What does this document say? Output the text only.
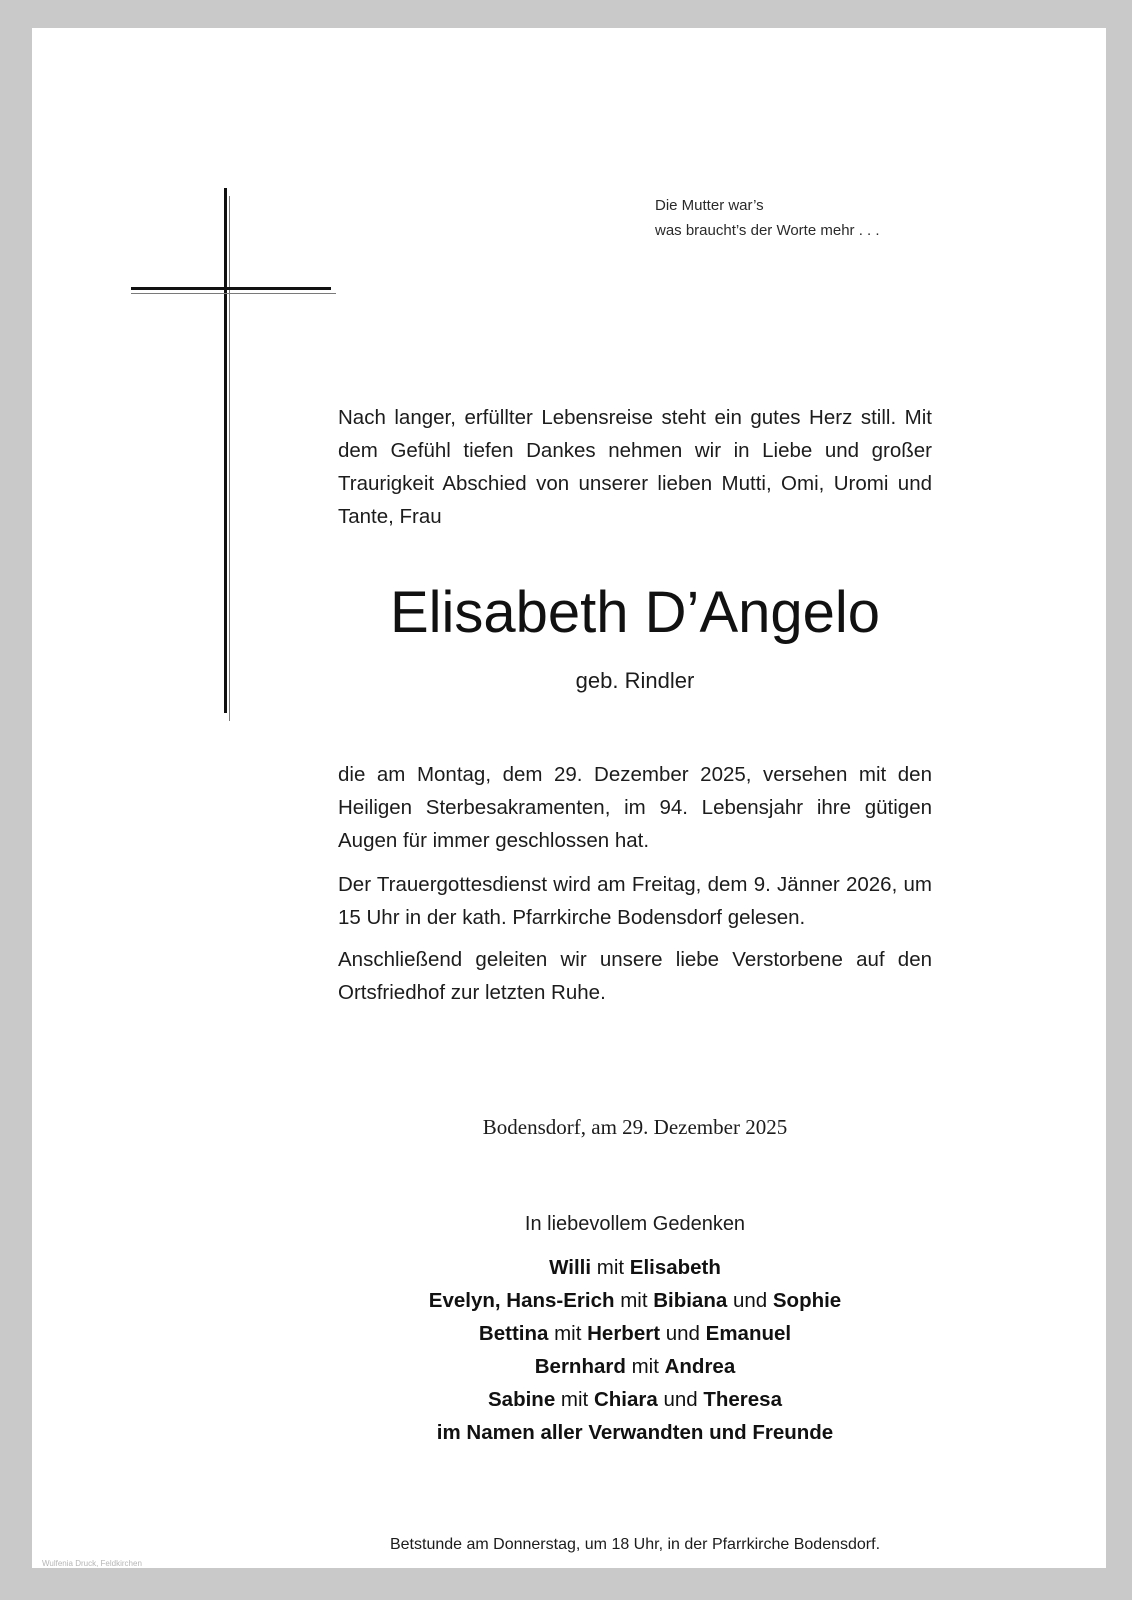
Die Mutter war’s
was braucht’s der Worte mehr . . .
Nach langer, erfüllter Lebensreise steht ein gutes Herz still. Mit dem Gefühl tiefen Dankes nehmen wir in Liebe und großer Traurigkeit Abschied von unserer lieben Mutti, Omi, Uromi und Tante, Frau
Elisabeth D’Angelo
geb. Rindler
die am Montag, dem 29. Dezember 2025, versehen mit den Heiligen Sterbesakramenten, im 94. Lebensjahr ihre gütigen Augen für immer geschlossen hat.
Der Trauergottesdienst wird am Freitag, dem 9. Jänner 2026, um 15 Uhr in der kath. Pfarrkirche Bodensdorf gelesen.
Anschließend geleiten wir unsere liebe Verstorbene auf den Ortsfriedhof zur letzten Ruhe.
Bodensdorf, am 29. Dezember 2025
In liebevollem Gedenken
Willi mit Elisabeth
Evelyn, Hans-Erich mit Bibiana und Sophie
Bettina mit Herbert und Emanuel
Bernhard mit Andrea
Sabine mit Chiara und Theresa
im Namen aller Verwandten und Freunde
Betstunde am Donnerstag, um 18 Uhr, in der Pfarrkirche Bodensdorf.
Wulfenia Druck, Feldkirchen
